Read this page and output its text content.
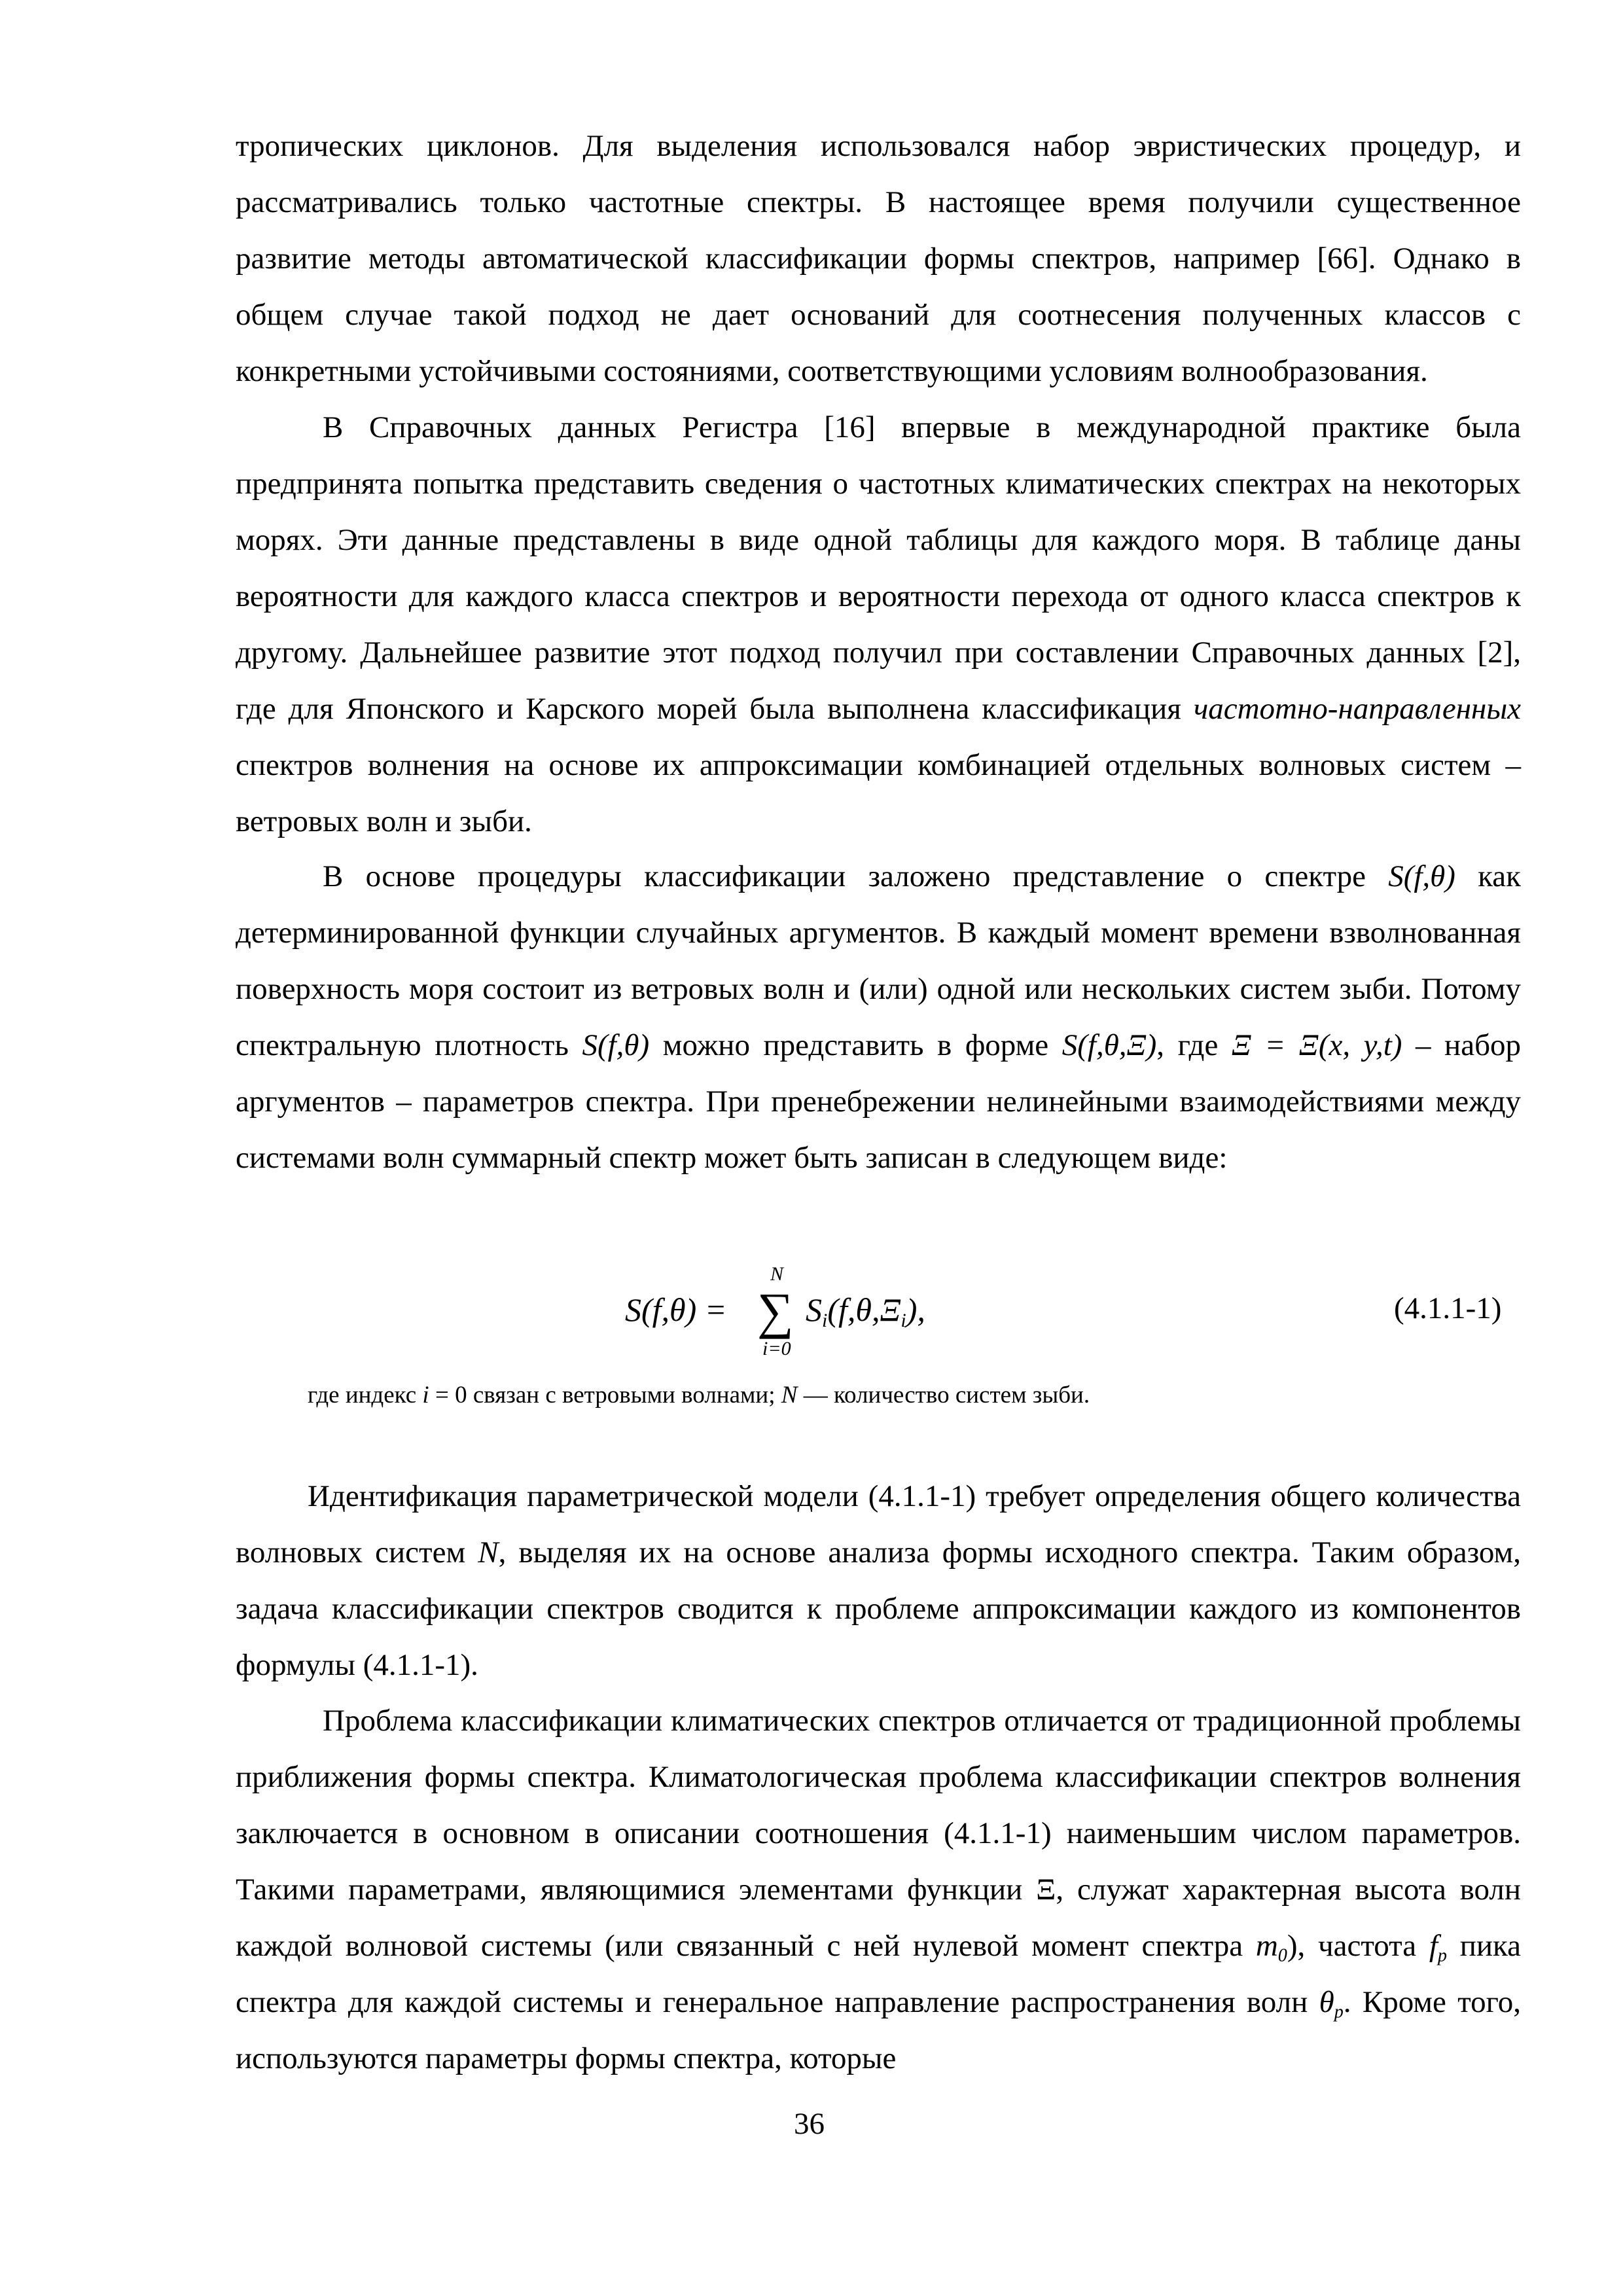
тропических циклонов. Для выделения использовался набор эвристических процедур, и рассматривались только частотные спектры. В настоящее время получили существенное развитие методы автоматической классификации формы спектров, например [66]. Однако в общем случае такой подход не дает оснований для соотнесения полученных классов с конкретными устойчивыми состояниями, соответствующими условиям волнообразования.

В Справочных данных Регистра [16] впервые в международной практике была предпринята попытка представить сведения о частотных климатических спектрах на некоторых морях. Эти данные представлены в виде одной таблицы для каждого моря. В таблице даны вероятности для каждого класса спектров и вероятности перехода от одного класса спектров к другому. Дальнейшее развитие этот подход получил при составлении Справочных данных [2], где для Японского и Карского морей была выполнена классификация частотно-направленных спектров волнения на основе их аппроксимации комбинацией отдельных волновых систем – ветровых волн и зыби.

В основе процедуры классификации заложено представление о спектре S(f,θ) как детерминированной функции случайных аргументов. В каждый момент времени взволнованная поверхность моря состоит из ветровых волн и (или) одной или нескольких систем зыби. Потому спектральную плотность S(f,θ) можно представить в форме S(f,θ,Ξ), где Ξ = Ξ(x, y,t) – набор аргументов – параметров спектра. При пренебрежении нелинейными взаимодействиями между системами волн суммарный спектр может быть записан в следующем виде:

S(f,θ) =
N
∑
i=0
$S_i(f,\theta,\Xi_i)$,	(4.1.1-1)
где индекс i = 0 связан с ветровыми волнами; N — количество систем зыби.

Идентификация параметрической модели (4.1.1-1) требует определения общего количества волновых систем N, выделяя их на основе анализа формы исходного спектра. Таким образом, задача классификации спектров сводится к проблеме аппроксимации каждого из компонентов формулы (4.1.1-1).

Проблема классификации климатических спектров отличается от традиционной проблемы приближения формы спектра. Климатологическая проблема классификации спектров волнения заключается в основном в описании соотношения (4.1.1-1) наименьшим числом параметров. Такими параметрами, являющимися элементами функции Ξ, служат характерная высота волн каждой волновой системы (или связанный с ней нулевой момент спектра $m_0$), частота $f_p$ пика спектра для каждой системы и генеральное направление распространения волн $\theta_p$. Кроме того, используются параметры формы спектра, которые

36
